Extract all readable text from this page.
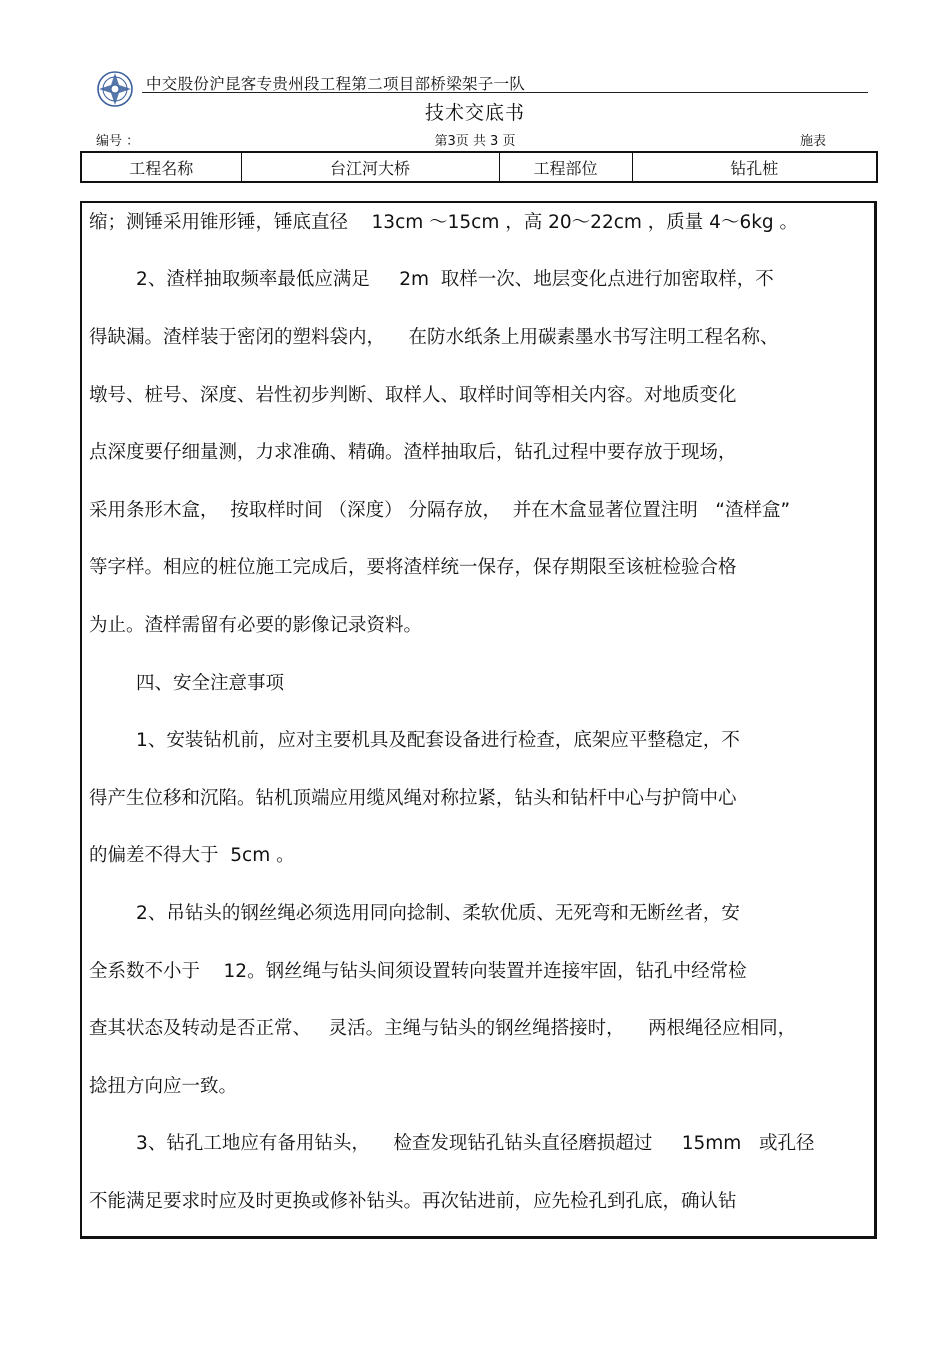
中交股份沪昆客专贵州段工程第二项目部桥梁架子一队
技术交底书
编号 ：	第3页 共 3 页	施表
工程名称	台江河大桥	工程部位	钻孔桩

缩；测锤采用锥形锤，锤底直径    13cm ～15cm ，高 20～22cm ，质量 4～6kg 。

2、渣样抽取频率最低应满足     2m  取样一次、地层变化点进行加密取样，不

得缺漏。渣样装于密闭的塑料袋内，    在防水纸条上用碳素墨水书写注明工程名称、

墩号、桩号、深度、岩性初步判断、取样人、取样时间等相关内容。对地质变化

点深度要仔细量测，力求准确、精确。渣样抽取后，钻孔过程中要存放于现场，

采用条形木盒，  按取样时间 （深度） 分隔存放，  并在木盒显著位置注明   “渣样盒”

等字样。相应的桩位施工完成后，要将渣样统一保存，保存期限至该桩检验合格

为止。渣样需留有必要的影像记录资料。

四、安全注意事项

1、安装钻机前，应对主要机具及配套设备进行检查，底架应平整稳定，不

得产生位移和沉陷。钻机顶端应用缆风绳对称拉紧，钻头和钻杆中心与护筒中心

的偏差不得大于  5cm 。

2、吊钻头的钢丝绳必须选用同向捻制、柔软优质、无死弯和无断丝者，安

全系数不小于    12。钢丝绳与钻头间须设置转向装置并连接牢固，钻孔中经常检

查其状态及转动是否正常、   灵活。主绳与钻头的钢丝绳搭接时，    两根绳径应相同，

捻扭方向应一致。

3、钻孔工地应有备用钻头，    检查发现钻孔钻头直径磨损超过     15mm   或孔径

不能满足要求时应及时更换或修补钻头。再次钻进前，应先检孔到孔底，确认钻
